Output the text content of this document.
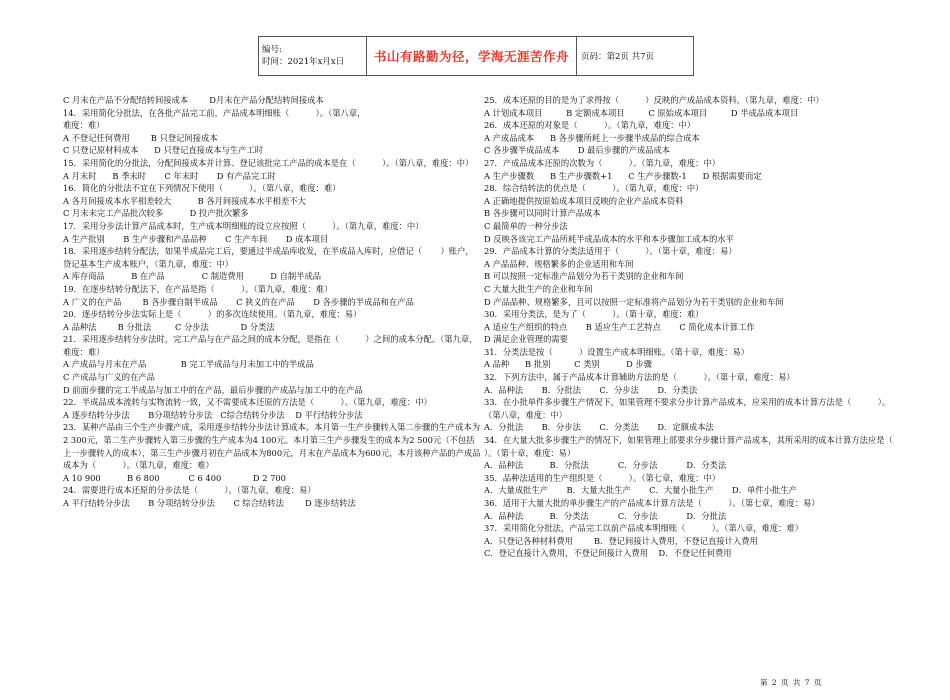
编号:
时间：2021年x月x日	书山有路勤为径，学海无涯苦作舟	页码：第2页 共7页
C 月末在产品不分配结转间接成本        D月末在产品分配结转间接成本
14．采用简化分批法，在各批产品完工前，产品成本明细账（          ）。（第八章，
难度：难）
A 不登记任何费用        B 只登记间接成本
C 只登记原材料成本      D 只登记直接成本与生产工时
15．采用简化的分批法，分配间接成本并计算、登记该批完工产品的成本是在（          ）。（第八章，难度：中）
A 月末时      B 季末时       C 年末时       D 有产品完工时
16．简化的分批法不宜在下列情况下使用（          ）。（第八章，难度：难）
A 各月间接成本水平相差较大          B 各月间接成本水平相差不大
C 月末未完工产品批次较多          D 投产批次繁多
17．采用分步法计算产品成本时，生产成本明细账的设立应按照（          ）。（第九章，难度：中）
A 生产批别       B 生产步骤和产品品种       C 生产车间       D 成本项目
18．采用逐步结转分配法，如果半成品完工后，要通过半成品库收发，在半成品入库时，应借记（       ）账户，贷记基本生产成本账户，（第九章，难度：中）
A 库存商品          B 在产品              C 制造费用          D 自制半成品
19．在逐步结转分配法下，在产品是指（          ）。（第九章，难度：难）
A 广义的在产品        B 各步骤自制半成品       C 狭义的在产品       D 各步骤的半成品和在产品
20．逐步结转分步法实际上是（          ）的多次连续使用。（第九章，难度：易）
A 品种法        B 分批法         C 分步法            D 分类法
21．采用逐步结转分步法时，完工产品与在产品之间的成本分配，是指在（          ）之间的成本分配。（第九章，难度：难）
A 产成品与月末在产品             B 完工半成品与月末加工中的半成品
C 产成品与广义的在产品
D 前面步骤的完工半成品与加工中的在产品，最后步骤的产成品与加工中的在产品
22．半成品成本流转与实物流转一致，又不需要成本还原的方法是（          ）。（第九章，难度：中）
A 逐步结转分步法       B分项结转分步法   C综合结转分步法    D 平行结转分步法
23．某种产品由三个生产步骤产成，采用逐步结转分步法计算成本。本月第一生产步骤转入第二步骤的生产成本为2 300元，第二生产步骤转入第三步骤的生产成本为4 100元。本月第三生产步骤发生的成本为2 500元（不包括上一步骤转入的成本），第三生产步骤月初在产品成本为800元，月末在产品成本为600元，本月该种产品的产成品成本为（          ）。（第九章，难度：难）
A 10 900          B 6 800           C 6 400            D 2 700
24．需要进行成本还原的分步法是（          ）。（第九章，难度：易）
A 平行结转分步法       B 分项结转分步法       C 综合结转法        D 逐步结转法
25．成本还原的目的是为了求得按（          ）反映的产成品成本资料。（第九章，难度：中）
A 计划成本项目         B 定额成本项目         C 原始成本项目         D 半成品成本项目
26．成本还原的对象是（          ）。（第九章，难度：中）
A 产成品成本      B 各步骤所耗上一步骤半成品的综合成本
C 各步骤半成品成本       D 最后步骤的产成品成本
27．产成品成本还原的次数为（          ）。（第九章，难度：中）
A 生产步骤数      B 生产步骤数+1      C 生产步骤数-1      D 根据需要而定
28．综合结转法的优点是（          ）。（第九章，难度：中）
A 正确地提供按原始成本项目反映的企业产品成本资料
B 各步骤可以同时计算产品成本
C 最简单的一种分步法
D 反映各该完工产品所耗半成品成本的水平和本步骤加工成本的水平
29．产品成本计算的分类法适用于（          ）。（第十章，难度：易）
A 产品品种、规格繁多的企业适用和车间
B 可以按照一定标准产品划分为若干类别的企业和车间
C 大量大批生产的企业和车间
D 产品品种、规格繁多，且可以按照一定标准将产品划分为若干类别的企业和车间
30．采用分类法，是为了（          ）。（第十章，难度：难）
A 适应生产组织的特点       B 适应生产工艺特点       C 简化成本计算工作
D 满足企业管理的需要
31．分类法是按（          ）设置生产成本明细账。（第十章，难度：易）
A 品种      B 批别         C 类别          D 步骤
32．下列方法中，属于产品成本计算辅助方法的是（          ）。（第十章，难度：易）
A．品种法       B．分批法       C．分步法       D．分类法
33．在小批单件多步骤生产情况下，如果管理不要求分步计算产品成本，应采用的成本计算方法是（          ）。（第八章，难度：中）
A．分批法       B．分步法       C．分类法       D．定额成本法
34．在大量大批多步骤生产的情况下，如果管理上部要求分步骤计算产品成本，其所采用的成本计算方法应是（          ）。（第十章，难度：易）
A．品种法          B．分批法           C．分步法           D．分类法
35．品种法适用的生产组织是（          ）。（第七章，难度：中）
A．大量成批生产       B．大量大批生产       C．大量小批生产       D．单件小批生产
36．适用于大量大批的单步骤生产的产品成本计算方法是（          ）。（第七章，难度：易）
A．品种法          B．分类法           C．分步法           D．分批法
37．采用简化分批法，产品完工以前产品成本明细账（          ）。（第八章，难度：难）
A．只登记各种材料费用        B．登记间接计入费用，不登记直接计入费用
C．登记直接计入费用，不登记间接计入费用    D．不登记任何费用
第 2 页 共 7 页
